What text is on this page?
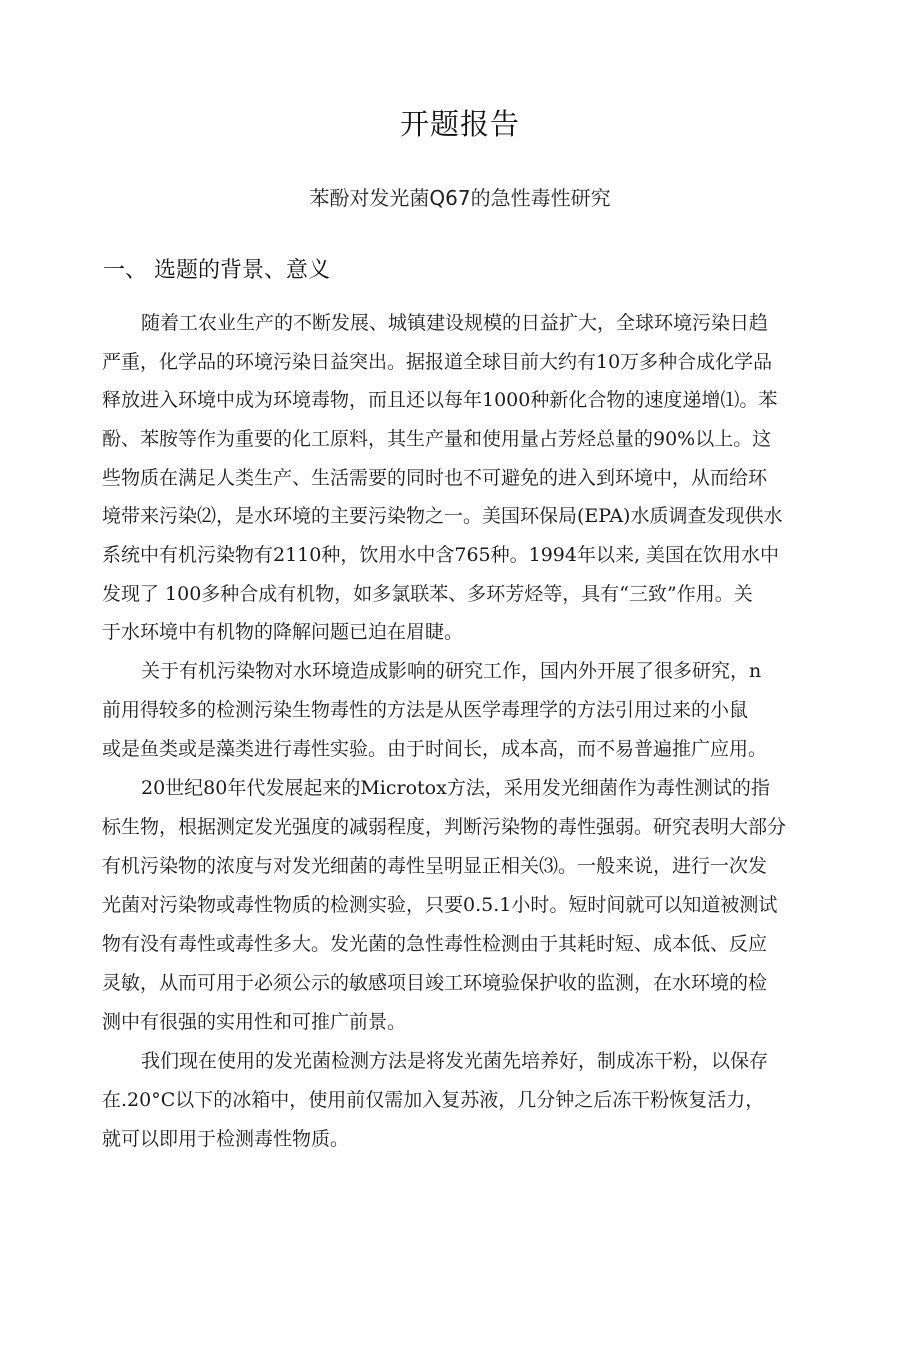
开题报告
苯酚对发光菌Q67的急性毒性研究
一、 选题的背景、意义
随着工农业生产的不断发展、城镇建设规模的日益扩大，全球环境污染日趋
严重，化学品的环境污染日益突出。据报道全球目前大约有10万多种合成化学品
释放进入环境中成为环境毒物，而且还以每年1000种新化合物的速度递增⑴。苯
酚、苯胺等作为重要的化工原料，其生产量和使用量占芳烃总量的90%以上。这
些物质在满足人类生产、生活需要的同时也不可避免的进入到环境中，从而给环
境带来污染⑵，是水环境的主要污染物之一。美国环保局(EPA)水质调查发现供水
系统中有机污染物有2110种，饮用水中含765种。1994年以来, 美国在饮用水中
发现了 100多种合成有机物，如多氯联苯、多环芳烃等，具有“三致”作用。关
于水环境中有机物的降解问题已迫在眉睫。
关于有机污染物对水环境造成影响的研究工作，国内外开展了很多研究，n
前用得较多的检测污染生物毒性的方法是从医学毒理学的方法引用过来的小鼠
或是鱼类或是藻类进行毒性实验。由于时间长，成本高，而不易普遍推广应用。
20世纪80年代发展起来的Microtox方法，采用发光细菌作为毒性测试的指
标生物，根据测定发光强度的减弱程度，判断污染物的毒性强弱。研究表明大部分
有机污染物的浓度与对发光细菌的毒性呈明显正相关⑶。一般来说，进行一次发
光菌对污染物或毒性物质的检测实验，只要0.5.1小时。短时间就可以知道被测试
物有没有毒性或毒性多大。发光菌的急性毒性检测由于其耗时短、成本低、反应
灵敏，从而可用于必须公示的敏感项目竣工环境验保护收的监测，在水环境的检
测中有很强的实用性和可推广前景。
我们现在使用的发光菌检测方法是将发光菌先培养好，制成冻干粉，以保存
在.20°C以下的冰箱中，使用前仅需加入复苏液，几分钟之后冻干粉恢复活力，
就可以即用于检测毒性物质。
